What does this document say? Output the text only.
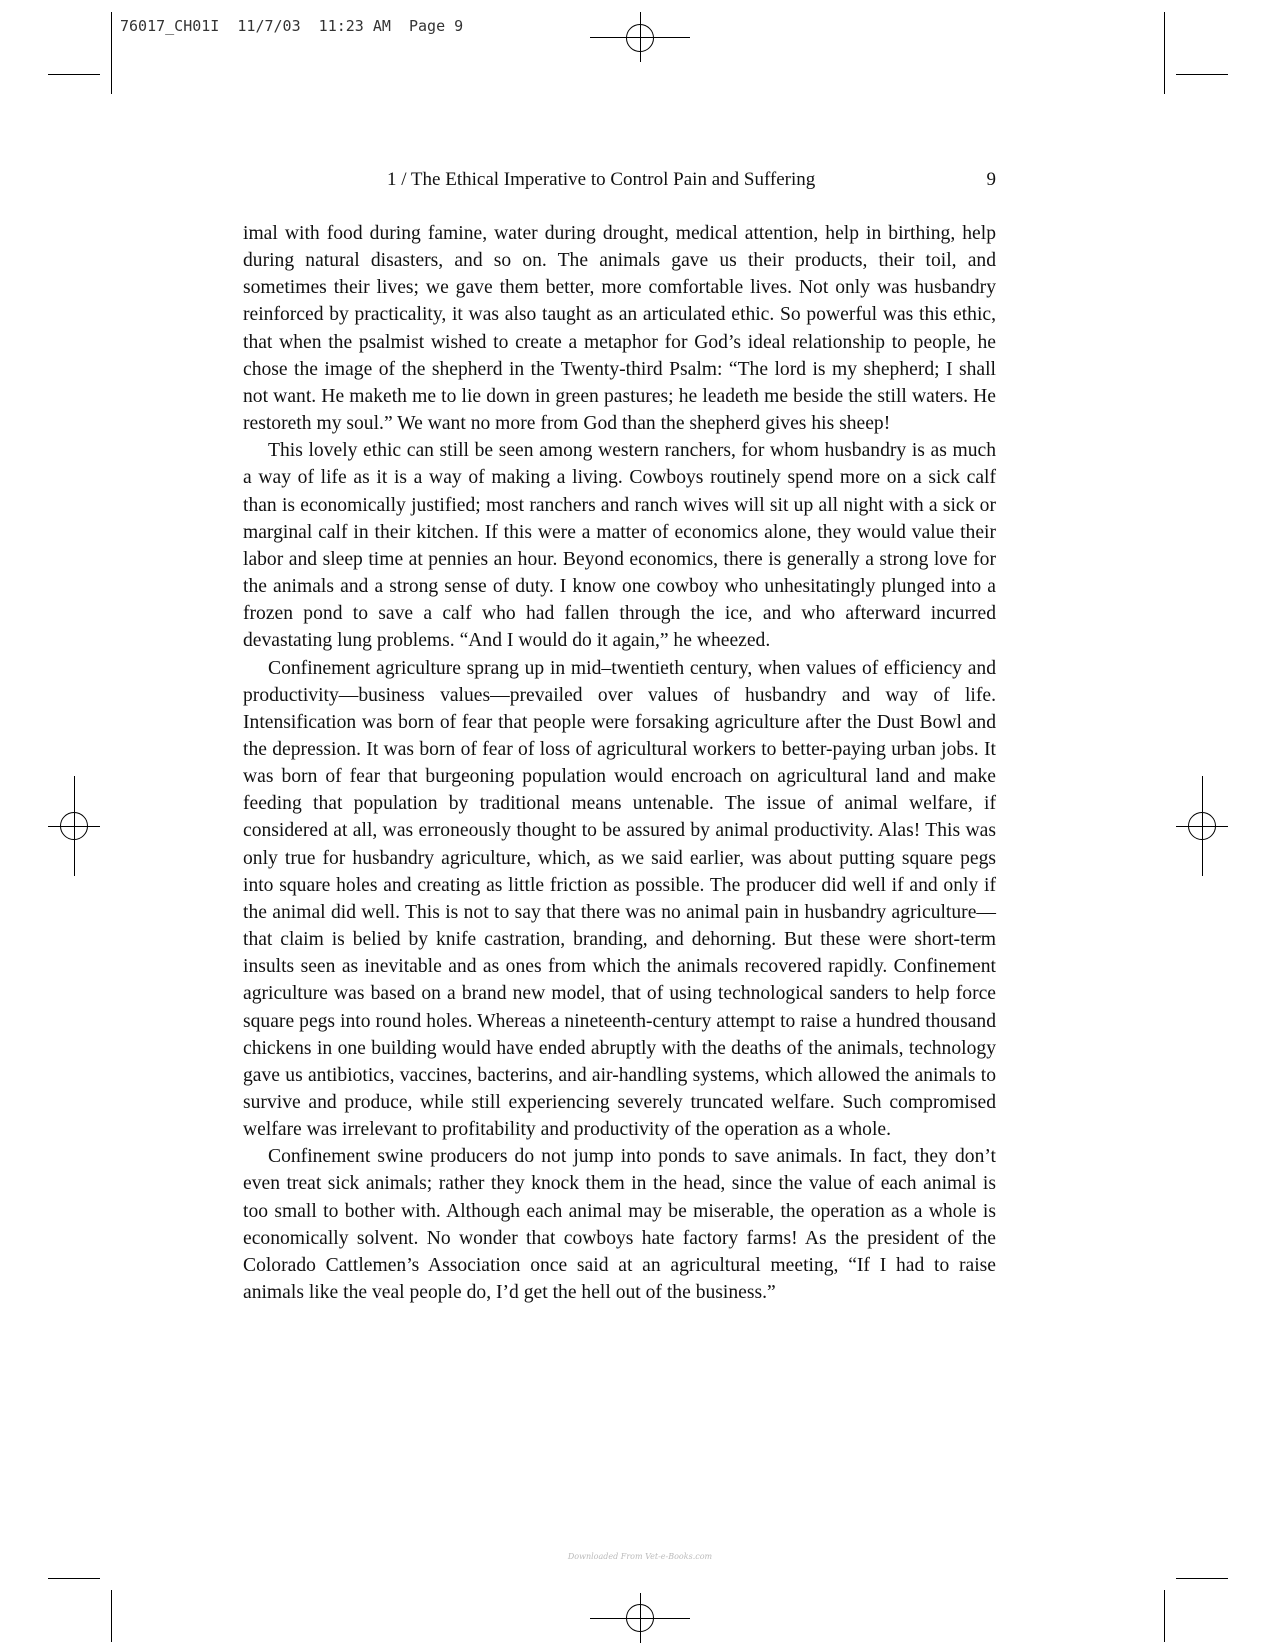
76017_CH01I  11/7/03  11:23 AM  Page 9
1 / The Ethical Imperative to Control Pain and Suffering	9

imal with food during famine, water during drought, medical attention, help in birthing, help during natural disasters, and so on. The animals gave us their products, their toil, and sometimes their lives; we gave them better, more comfortable lives. Not only was husbandry reinforced by practicality, it was also taught as an articulated ethic. So powerful was this ethic, that when the psalmist wished to create a metaphor for God’s ideal relationship to people, he chose the image of the shepherd in the Twenty-third Psalm: “The lord is my shepherd; I shall not want. He maketh me to lie down in green pastures; he leadeth me beside the still waters. He restoreth my soul.” We want no more from God than the shepherd gives his sheep!

This lovely ethic can still be seen among western ranchers, for whom husbandry is as much a way of life as it is a way of making a living. Cowboys routinely spend more on a sick calf than is economically justified; most ranchers and ranch wives will sit up all night with a sick or marginal calf in their kitchen. If this were a matter of economics alone, they would value their labor and sleep time at pennies an hour. Beyond economics, there is generally a strong love for the animals and a strong sense of duty. I know one cowboy who unhesitatingly plunged into a frozen pond to save a calf who had fallen through the ice, and who afterward incurred devastating lung problems. “And I would do it again,” he wheezed.

Confinement agriculture sprang up in mid–twentieth century, when values of efficiency and productivity—business values—prevailed over values of husbandry and way of life. Intensification was born of fear that people were forsaking agriculture after the Dust Bowl and the depression. It was born of fear of loss of agricultural workers to better-paying urban jobs. It was born of fear that burgeoning population would encroach on agricultural land and make feeding that population by traditional means untenable. The issue of animal welfare, if considered at all, was erroneously thought to be assured by animal productivity. Alas! This was only true for husbandry agriculture, which, as we said earlier, was about putting square pegs into square holes and creating as little friction as possible. The producer did well if and only if the animal did well. This is not to say that there was no animal pain in husbandry agriculture—that claim is belied by knife castration, branding, and dehorning. But these were short-term insults seen as inevitable and as ones from which the animals recovered rapidly. Confinement agriculture was based on a brand new model, that of using technological sanders to help force square pegs into round holes. Whereas a nineteenth-century attempt to raise a hundred thousand chickens in one building would have ended abruptly with the deaths of the animals, technology gave us antibiotics, vaccines, bacterins, and air-handling systems, which allowed the animals to survive and produce, while still experiencing severely truncated welfare. Such compromised welfare was irrelevant to profitability and productivity of the operation as a whole.

Confinement swine producers do not jump into ponds to save animals. In fact, they don’t even treat sick animals; rather they knock them in the head, since the value of each animal is too small to bother with. Although each animal may be miserable, the operation as a whole is economically solvent. No wonder that cowboys hate factory farms! As the president of the Colorado Cattlemen’s Association once said at an agricultural meeting, “If I had to raise animals like the veal people do, I’d get the hell out of the business.”

Downloaded From Vet-e-Books.com
